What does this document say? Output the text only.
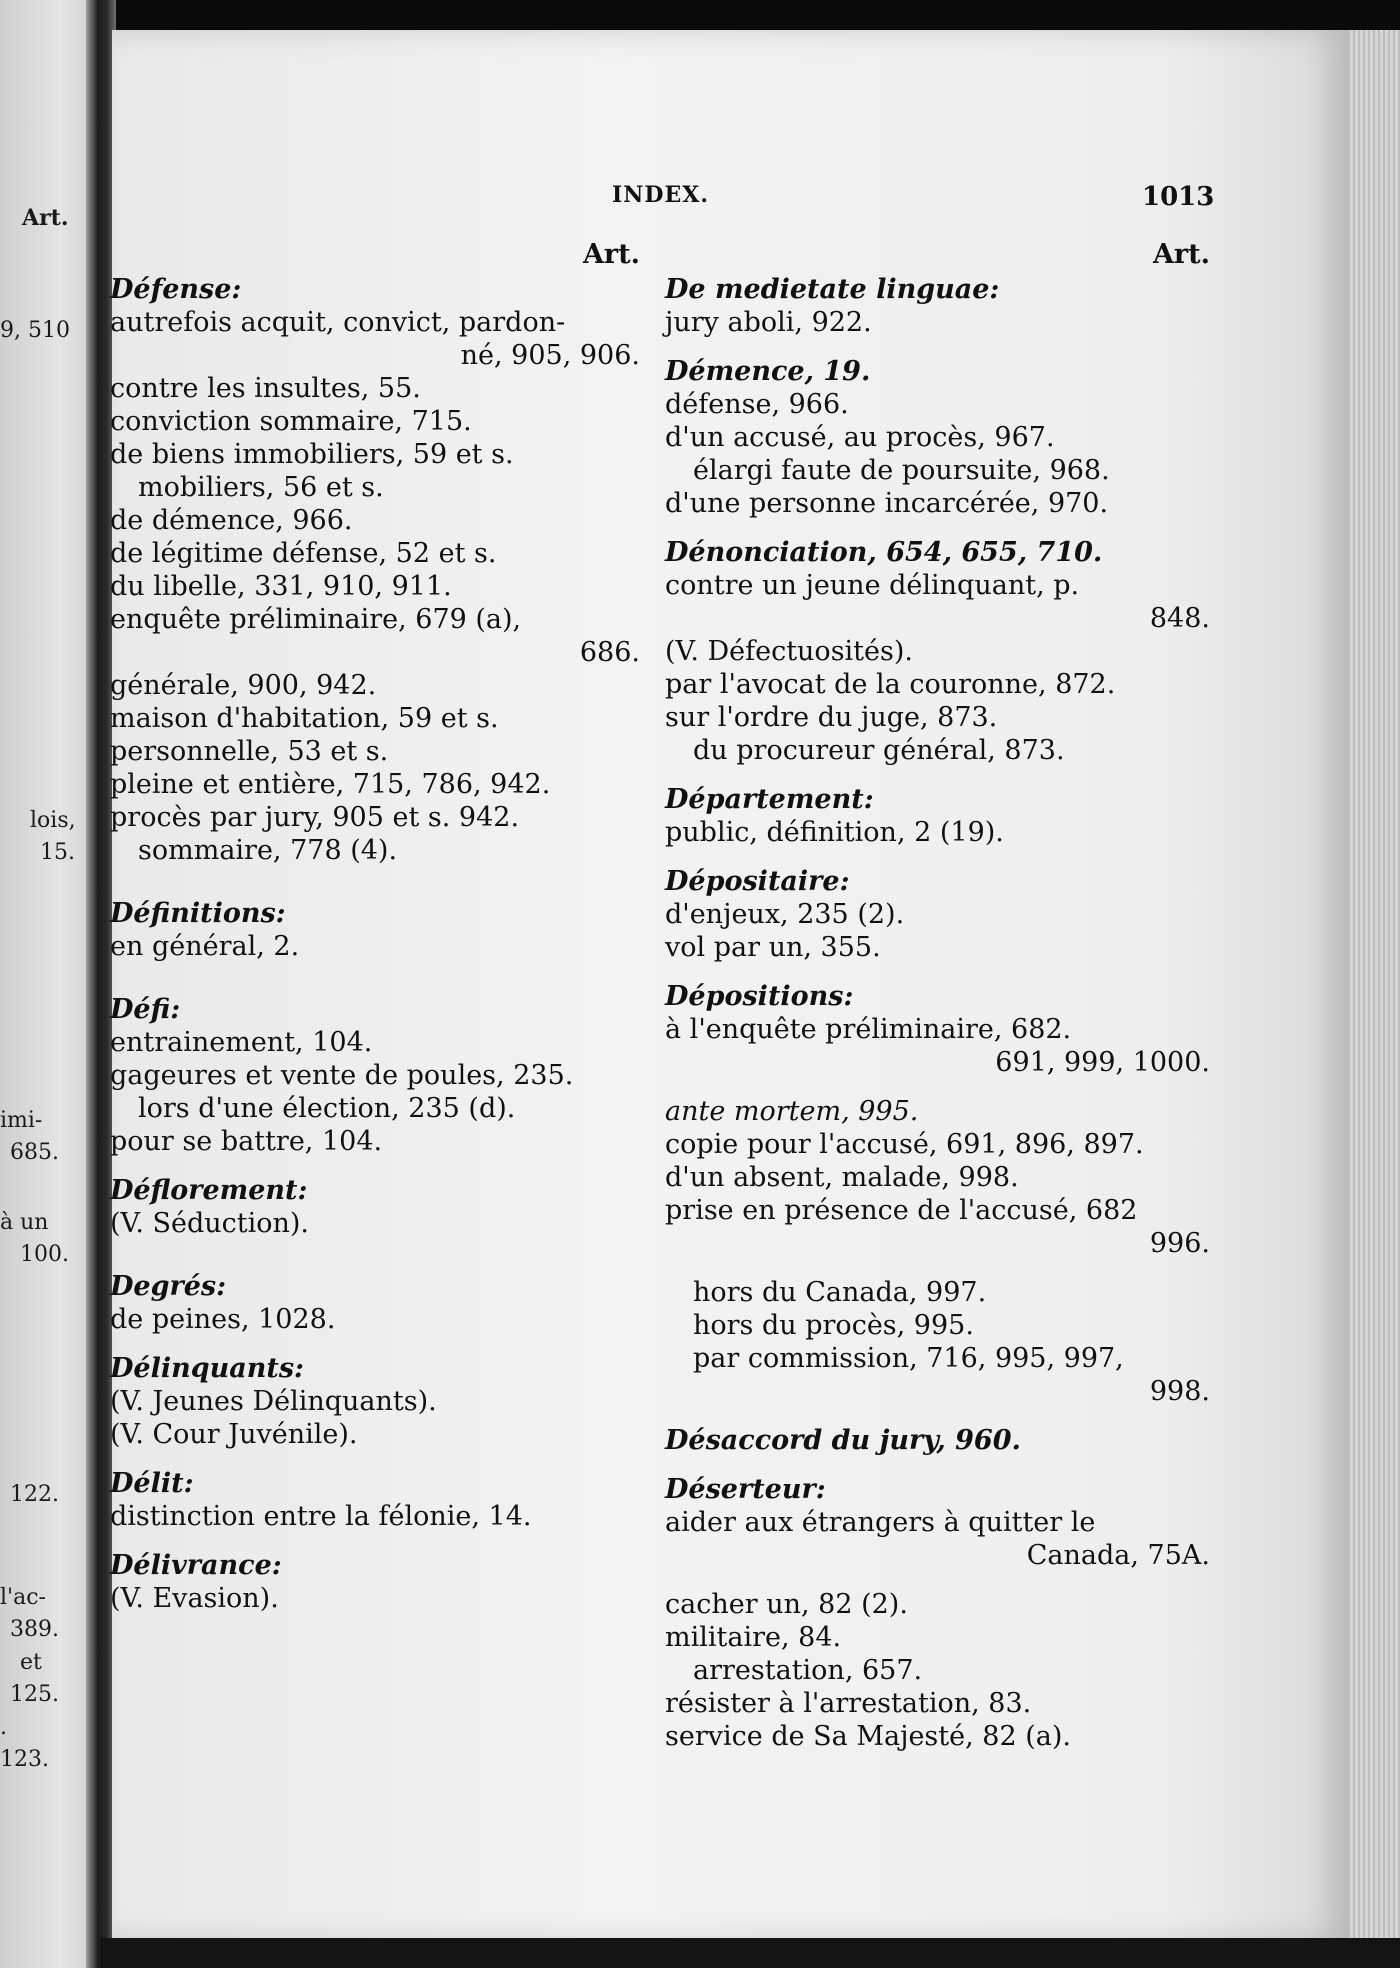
Art.
9, 510
lois,
15.
imi-
685.
à un
100.
122.
l'ac-
389.
et
125.
.
123.
INDEX.	1013
Art.
Défense:
autrefois acquit, convict, pardon-
né, 905, 906.
contre les insultes, 55.
conviction sommaire, 715.
de biens immobiliers, 59 et s.
mobiliers, 56 et s.
de démence, 966.
de légitime défense, 52 et s.
du libelle, 331, 910, 911.
enquête préliminaire, 679 (a),
686.
générale, 900, 942.
maison d'habitation, 59 et s.
personnelle, 53 et s.
pleine et entière, 715, 786, 942.
procès par jury, 905 et s. 942.
sommaire, 778 (4).
Définitions:
en général, 2.
Défi:
entrainement, 104.
gageures et vente de poules, 235.
lors d'une élection, 235 (d).
pour se battre, 104.
Déflorement:
(V. Séduction).
Degrés:
de peines, 1028.
Délinquants:
(V. Jeunes Délinquants).
(V. Cour Juvénile).
Délit:
distinction entre la félonie, 14.
Délivrance:
(V. Evasion).
Art.
De medietate linguae:
jury aboli, 922.
Démence, 19.
défense, 966.
d'un accusé, au procès, 967.
élargi faute de poursuite, 968.
d'une personne incarcérée, 970.
Dénonciation, 654, 655, 710.
contre un jeune délinquant, p.
848.
(V. Défectuosités).
par l'avocat de la couronne, 872.
sur l'ordre du juge, 873.
du procureur général, 873.
Département:
public, définition, 2 (19).
Dépositaire:
d'enjeux, 235 (2).
vol par un, 355.
Dépositions:
à l'enquête préliminaire, 682.
691, 999, 1000.
ante mortem, 995.
copie pour l'accusé, 691, 896, 897.
d'un absent, malade, 998.
prise en présence de l'accusé, 682
996.
hors du Canada, 997.
hors du procès, 995.
par commission, 716, 995, 997,
998.
Désaccord du jury, 960.
Déserteur:
aider aux étrangers à quitter le
Canada, 75A.
cacher un, 82 (2).
militaire, 84.
arrestation, 657.
résister à l'arrestation, 83.
service de Sa Majesté, 82 (a).
